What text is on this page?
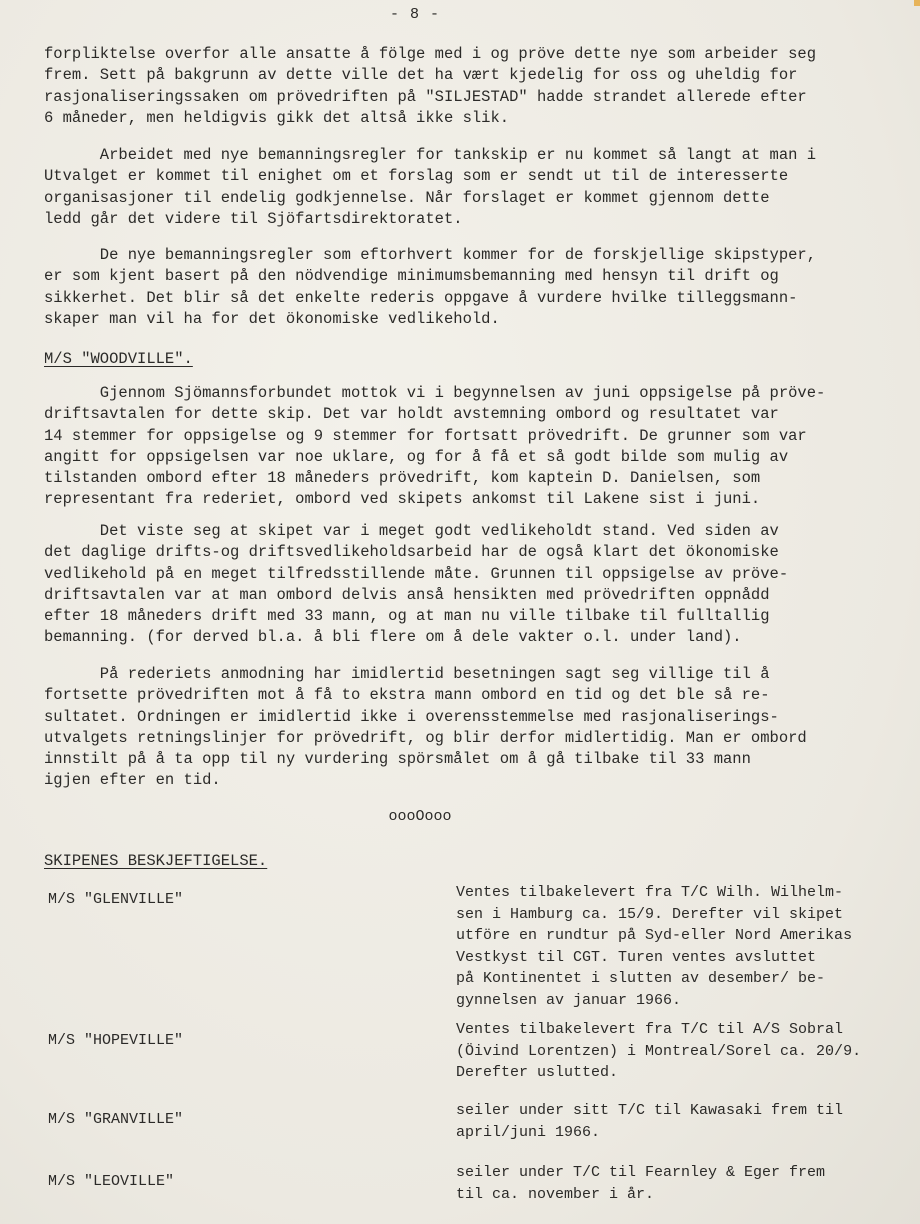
- 8 -
forpliktelse overfor alle ansatte å fölge med i og pröve dette nye som arbeider seg
frem. Sett på bakgrunn av dette ville det ha vært kjedelig for oss og uheldig for
rasjonaliseringssaken om prövedriften på "SILJESTAD" hadde strandet allerede efter
6 måneder, men heldigvis gikk det altså ikke slik.
Arbeidet med nye bemanningsregler for tankskip er nu kommet så langt at man i
Utvalget er kommet til enighet om et forslag som er sendt ut til de interesserte
organisasjoner til endelig godkjennelse. Når forslaget er kommet gjennom dette
ledd går det videre til Sjöfartsdirektoratet.
De nye bemanningsregler som eftorhvert kommer for de forskjellige skipstyper,
er som kjent basert på den nödvendige minimumsbemanning med hensyn til drift og
sikkerhet. Det blir så det enkelte rederis oppgave å vurdere hvilke tilleggsmann-
skaper man vil ha for det ökonomiske vedlikehold.
M/S "WOODVILLE".
Gjennom Sjömannsforbundet mottok vi i begynnelsen av juni oppsigelse på pröve-
driftsavtalen for dette skip. Det var holdt avstemning ombord og resultatet var
14 stemmer for oppsigelse og 9 stemmer for fortsatt prövedrift. De grunner som var
angitt for oppsigelsen var noe uklare, og for å få et så godt bilde som mulig av
tilstanden ombord efter 18 måneders prövedrift, kom kaptein D. Danielsen, som
representant fra rederiet, ombord ved skipets ankomst til Lakene sist i juni.
Det viste seg at skipet var i meget godt vedlikeholdt stand. Ved siden av
det daglige drifts-og driftsvedlikeholdsarbeid har de også klart det ökonomiske
vedlikehold på en meget tilfredsstillende måte. Grunnen til oppsigelse av pröve-
driftsavtalen var at man ombord delvis anså hensikten med prövedriften oppnådd
efter 18 måneders drift med 33 mann, og at man nu ville tilbake til fulltallig
bemanning. (for derved bl.a. å bli flere om å dele vakter o.l. under land).
På rederiets anmodning har imidlertid besetningen sagt seg villige til å
fortsette prövedriften mot å få to ekstra mann ombord en tid og det ble så re-
sultatet. Ordningen er imidlertid ikke i overensstemmelse med rasjonaliserings-
utvalgets retningslinjer for prövedrift, og blir derfor midlertidig. Man er ombord
innstilt på å ta opp til ny vurdering spörsmålet om å gå tilbake til 33 mann
igjen efter en tid.
oooOooo
SKIPENES BESKJEFTIGELSE.
M/S "GLENVILLE"	Ventes tilbakelevert fra T/C Wilh. Wilhelm-
sen i Hamburg ca. 15/9. Derefter vil skipet
utföre en rundtur på Syd-eller Nord Amerikas
Vestkyst til CGT. Turen ventes avsluttet
på Kontinentet i slutten av desember/ be-
gynnelsen av januar 1966.
M/S "HOPEVILLE"
Ventes tilbakelevert fra T/C til A/S Sobral
(Öivind Lorentzen) i Montreal/Sorel ca. 20/9.
Derefter uslutted.
M/S "GRANVILLE"
seiler under sitt T/C til Kawasaki frem til
april/juni 1966.
M/S "LEOVILLE"
seiler under T/C til Fearnley & Eger frem
til ca. november i år.
